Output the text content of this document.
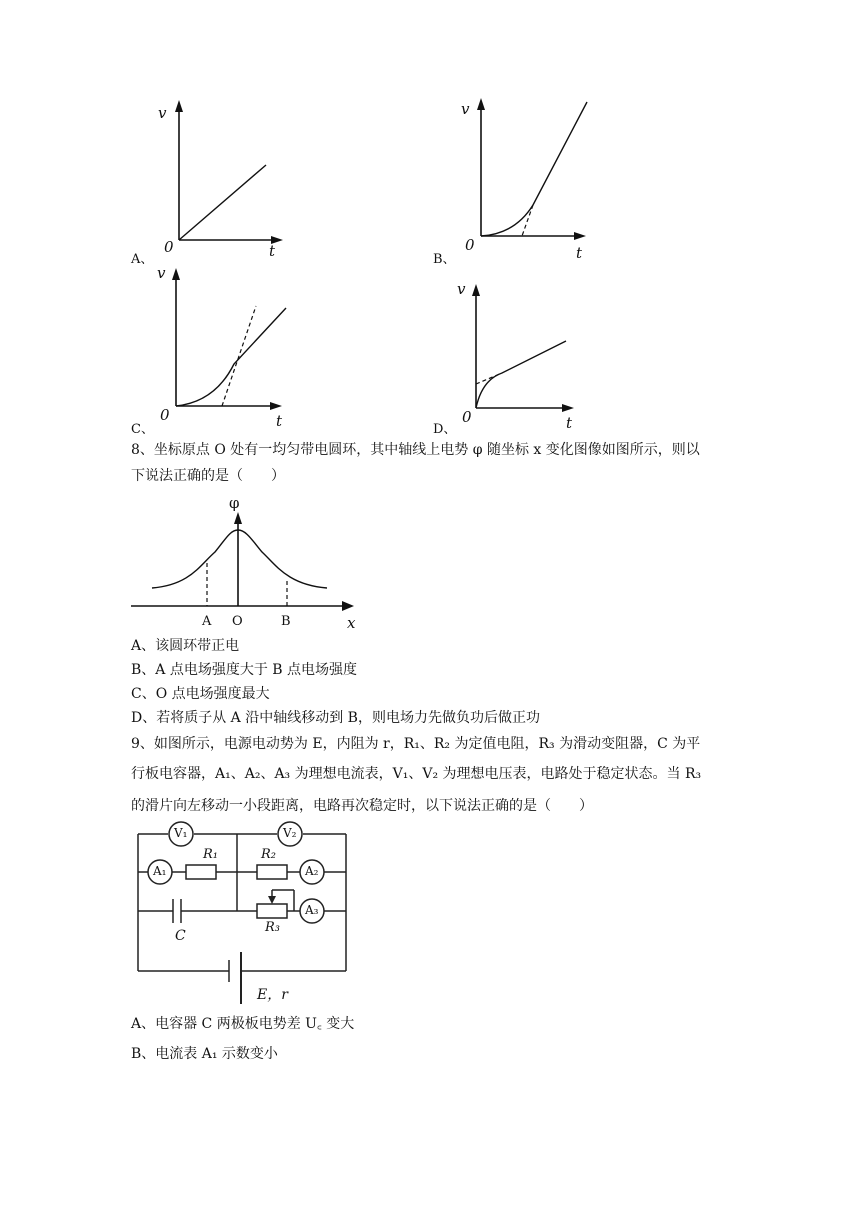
v
0	t
A、
v
0	t
B、
v
0	t
C、
v
0	t
D、
8、坐标原点 O 处有一均匀带电圆环，其中轴线上电势 φ 随坐标 x 变化图像如图所示，则以
下说法正确的是（　　）
φ
A O	B	x
A、该圆环带正电
B、A 点电场强度大于 B 点电场强度
C、O 点电场强度最大
D、若将质子从 A 沿中轴线移动到 B，则电场力先做负功后做正功
9、如图所示，电源电动势为 E，内阻为 r，R₁、R₂ 为定值电阻，R₃ 为滑动变阻器，C 为平
行板电容器，A₁、A₂、A₃ 为理想电流表，V₁、V₂ 为理想电压表，电路处于稳定状态。当 R₃
的滑片向左移动一小段距离，电路再次稳定时，以下说法正确的是（　　）
V₁	V₂
A₁	A₂
A₃
R₁	R₂
R₃
C
E，r
A、电容器 C 两极板电势差 U꜀ 变大
B、电流表 A₁ 示数变小
